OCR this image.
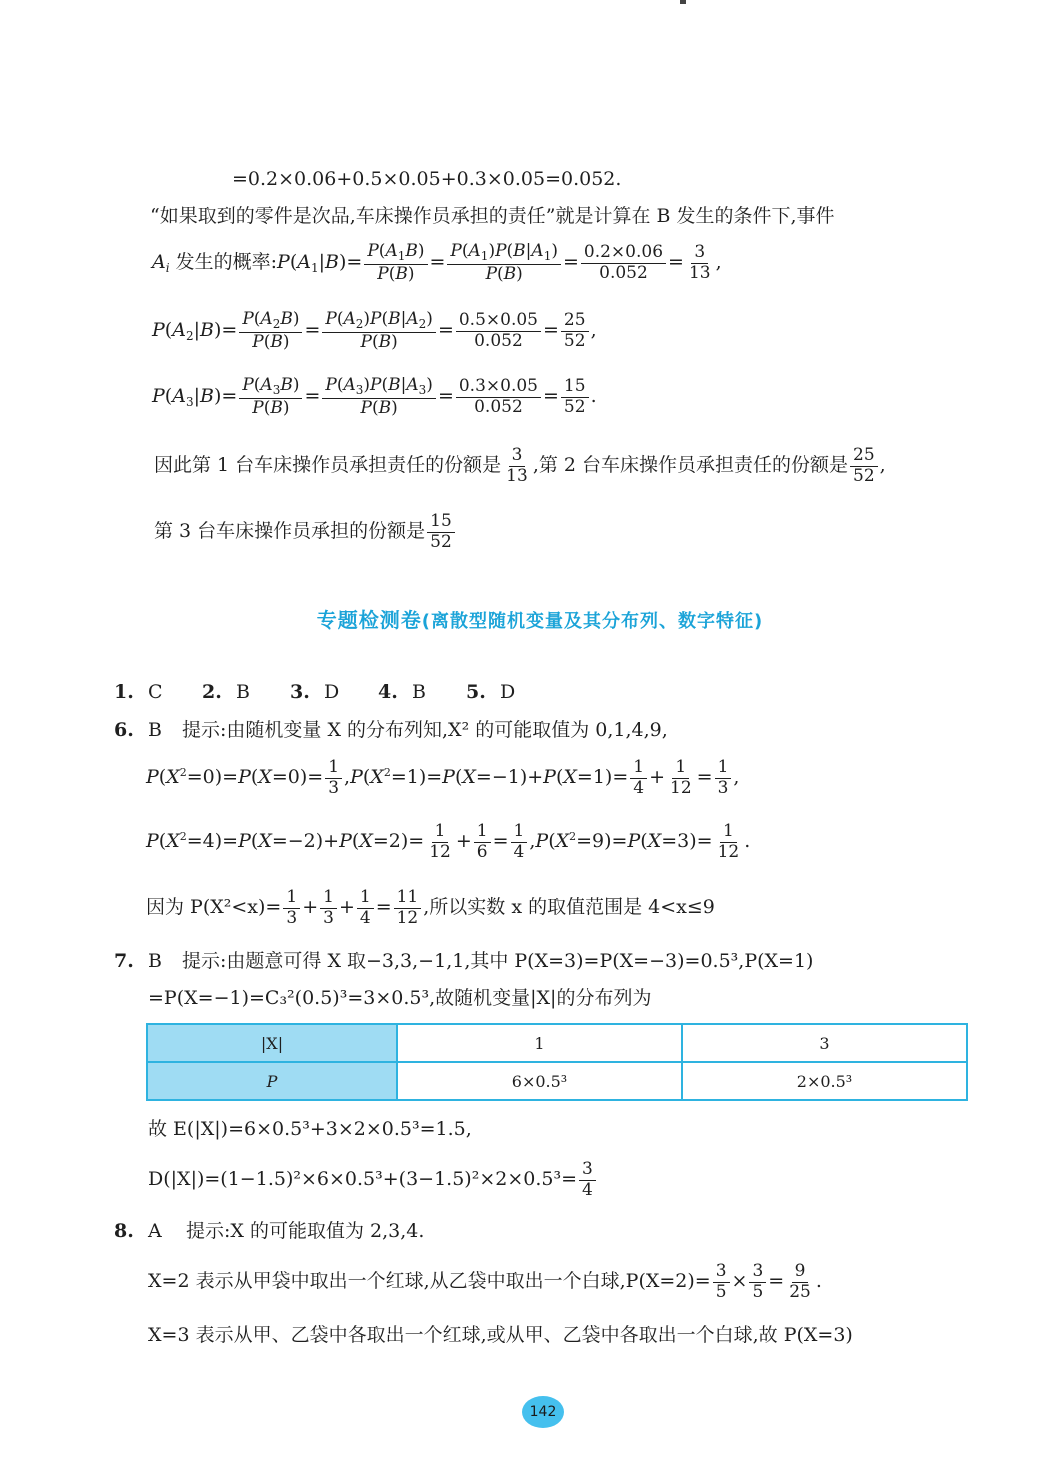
=0.2×0.06+0.5×0.05+0.3×0.05=0.052.
“如果取到的零件是次品,车床操作员承担的责任”就是计算在 B 发生的条件下,事件
$A_i$ 发生的概率$:P(A_1|B)= \frac{P(A_1B)}{P(B)} = \frac{P(A_1)P(B|A_1)}{P(B)} = \frac{0.2\times 0.06}{0.052} = \frac{3}{13}$ ,
$P(A_2|B)= \frac{P(A_2B)}{P(B)} = \frac{P(A_2)P(B|A_2)}{P(B)} = \frac{0.5\times 0.05}{0.052} = \frac{25}{52}$ ,
$P(A_3|B)= \frac{P(A_3B)}{P(B)} = \frac{P(A_3)P(B|A_3)}{P(B)} = \frac{0.3\times 0.05}{0.052} = \frac{15}{52}$ .
因此第 1 台车床操作员承担责任的份额是 $\frac{3}{13}$ ,第 2 台车床操作员承担责任的份额是 $\frac{25}{52}$ ,
第 3 台车床操作员承担的份额是 $\frac{15}{52}$
专题检测卷(离散型随机变量及其分布列、数字特征)
1. C 2. B 3. D 4. B 5. D
6. B 提示:由随机变量 X 的分布列知,X² 的可能取值为 0,1,4,9,
$P(X^2=0)=P(X=0)= \frac{1}{3} ,P(X^2=1)=P(X=-1)+P(X=1)= \frac{1}{4} + \frac{1}{12} = \frac{1}{3}$ ,
$P(X^2=4)=P(X=-2)+P(X=2)= \frac{1}{12} + \frac{1}{6} = \frac{1}{4} ,P(X^2=9)=P(X=3)= \frac{1}{12}$ .
因为 $P(X^2<x)= \frac{1}{3} + \frac{1}{3} + \frac{1}{4} = \frac{11}{12}$ ,所以实数 x 的取值范围是 4<x≤9
7. B 提示:由题意可得 X 取−3,3,−1,1,其中 P(X=3)=P(X=−3)=0.5³,P(X=1)
=P(X=−1)=C₃²(0.5)³=3×0.5³,故随机变量|X|的分布列为
|X|	1	3
P	6×0.5³	2×0.5³
故 E(|X|)=6×0.5³+3×2×0.5³=1.5,
$D(|X|)=(1-1.5)^2\times 6\times 0.5^3+(3-1.5)^2\times 2\times 0.5^3= \frac{3}{4}$
8. A 提示:X 的可能取值为 2,3,4.
X=2 表示从甲袋中取出一个红球,从乙袋中取出一个白球$,P(X=2)= \frac{3}{5} \times \frac{3}{5} = \frac{9}{25}$ .
X=3 表示从甲、乙袋中各取出一个红球,或从甲、乙袋中各取出一个白球,故 P(X=3)
142
